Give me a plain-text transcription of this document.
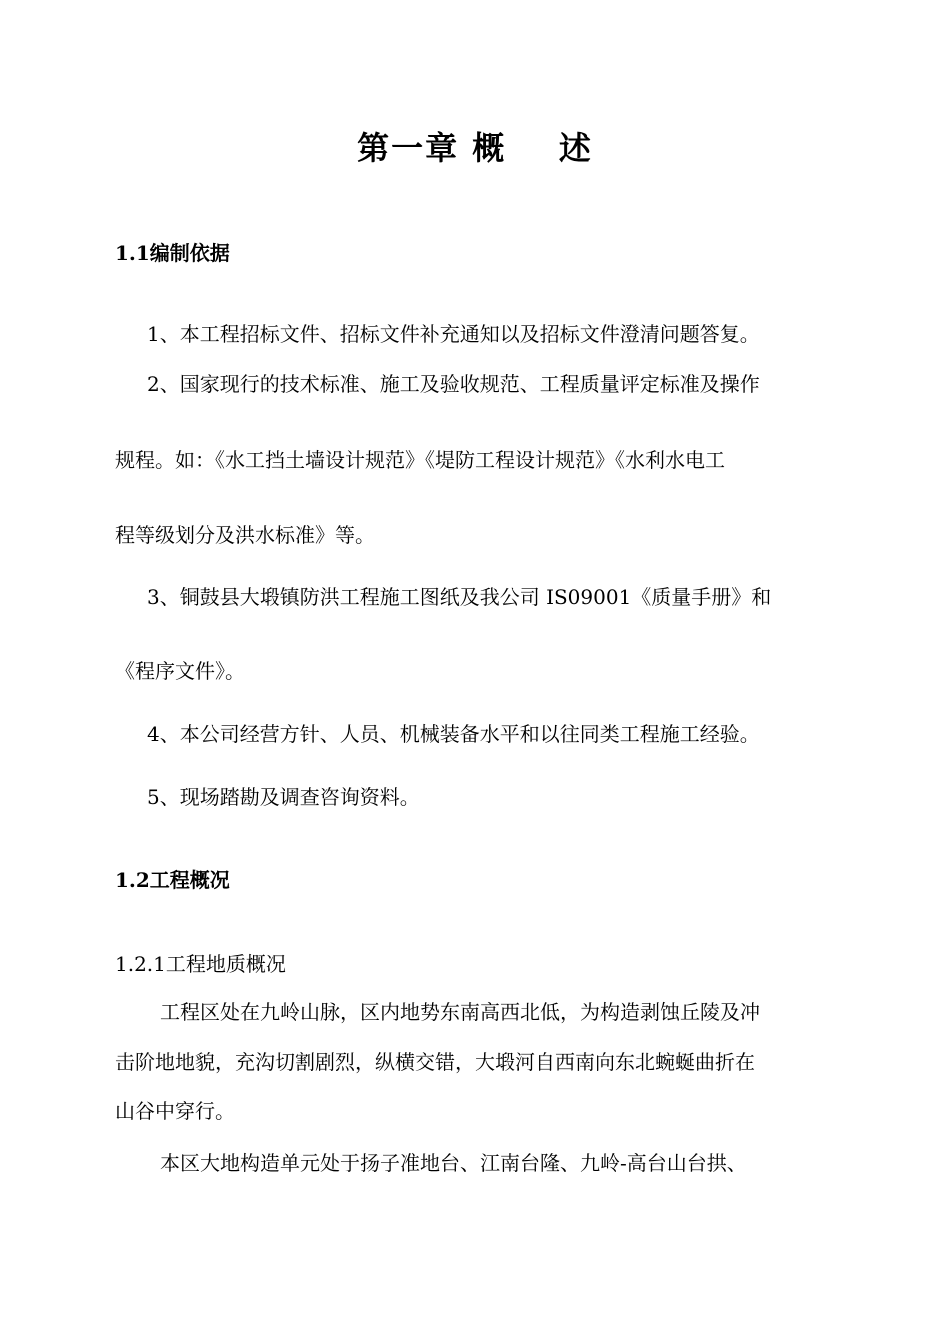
第一章 概    述
1.1编制依据
1、本工程招标文件、招标文件补充通知以及招标文件澄清问题答复。
2、国家现行的技术标准、施工及验收规范、工程质量评定标准及操作
规程。如：《水工挡土墙设计规范》《堤防工程设计规范》《水利水电工
程等级划分及洪水标准》等。
3、铜鼓县大塅镇防洪工程施工图纸及我公司 IS09001《质量手册》和
《程序文件》。
4、本公司经营方针、人员、机械装备水平和以往同类工程施工经验。
5、现场踏勘及调查咨询资料。
1.2工程概况
1.2.1工程地质概况
工程区处在九岭山脉，区内地势东南高西北低，为构造剥蚀丘陵及冲
击阶地地貌，充沟切割剧烈，纵横交错，大塅河自西南向东北蜿蜒曲折在
山谷中穿行。
本区大地构造单元处于扬子准地台、江南台隆、九岭-高台山台拱、
